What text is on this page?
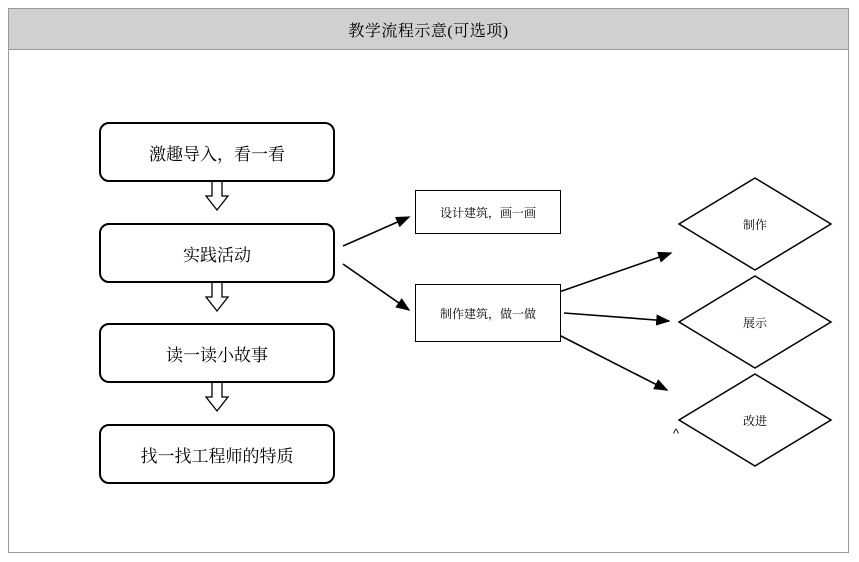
教学流程示意(可选项)
激趣导入，看一看
实践活动
读一读小故事
找一找工程师的特质
设计建筑，画一画
制作建筑，做一做
制作
展示
改进
^
